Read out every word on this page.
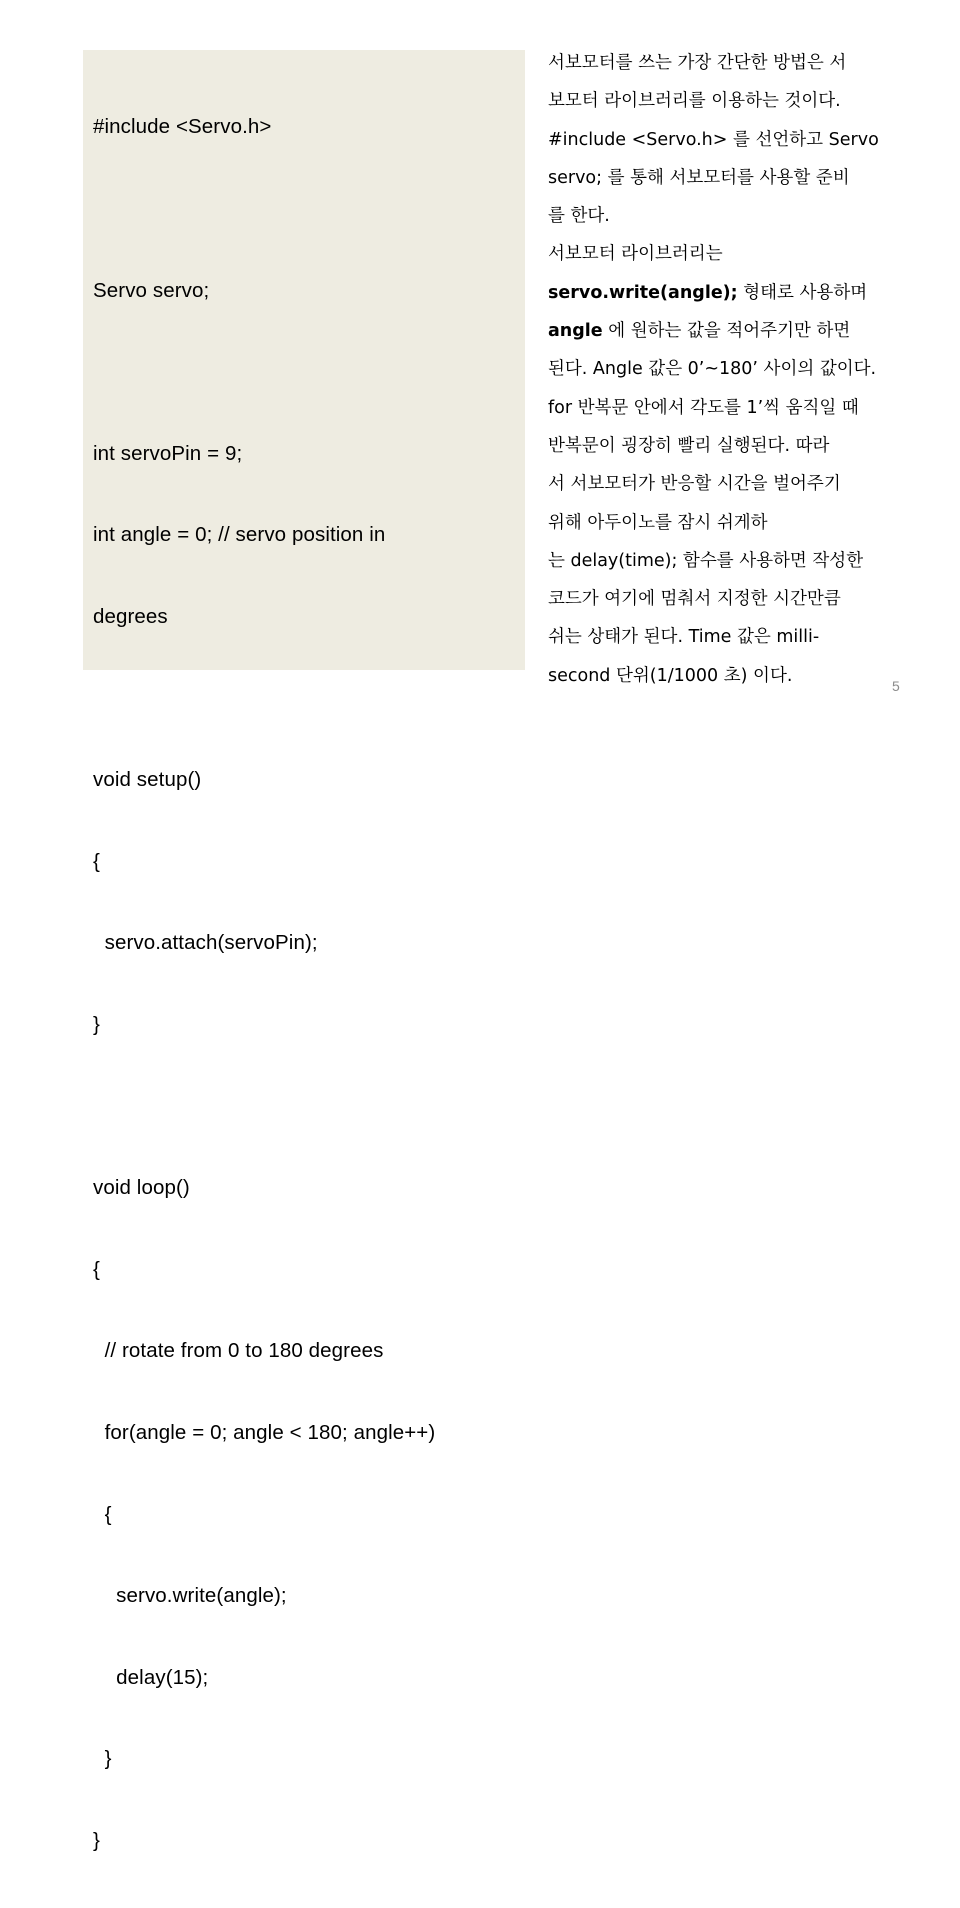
#include <Servo.h>

Servo servo;

int servoPin = 9;

int angle = 0; // servo position in

degrees

void setup()

{

servo.attach(servoPin);

}

void loop()

{

// rotate from 0 to 180 degrees

for(angle = 0; angle < 180; angle++)

{

servo.write(angle);

delay(15);

}

}

서보모터를 쓰는 가장 간단한 방법은 서
보모터 라이브러리를 이용하는 것이다.
#include <Servo.h> 를 선언하고 Servo
servo; 를 통해 서보모터를 사용할 준비
를 한다.
서보모터 라이브러리는
servo.write(angle); 형태로 사용하며
angle 에 원하는 값을 적어주기만 하면
된다. Angle 값은 0’~180’ 사이의 값이다.
for 반복문 안에서 각도를 1’씩 움직일 때
반복문이 굉장히 빨리 실행된다. 따라
서 서보모터가 반응할 시간을 벌어주기
위해 아두이노를 잠시 쉬게하
는 delay(time); 함수를 사용하면 작성한
코드가 여기에 멈춰서 지정한 시간만큼
쉬는 상태가 된다. Time 값은 milli-
second 단위(1/1000 초) 이다.
5
